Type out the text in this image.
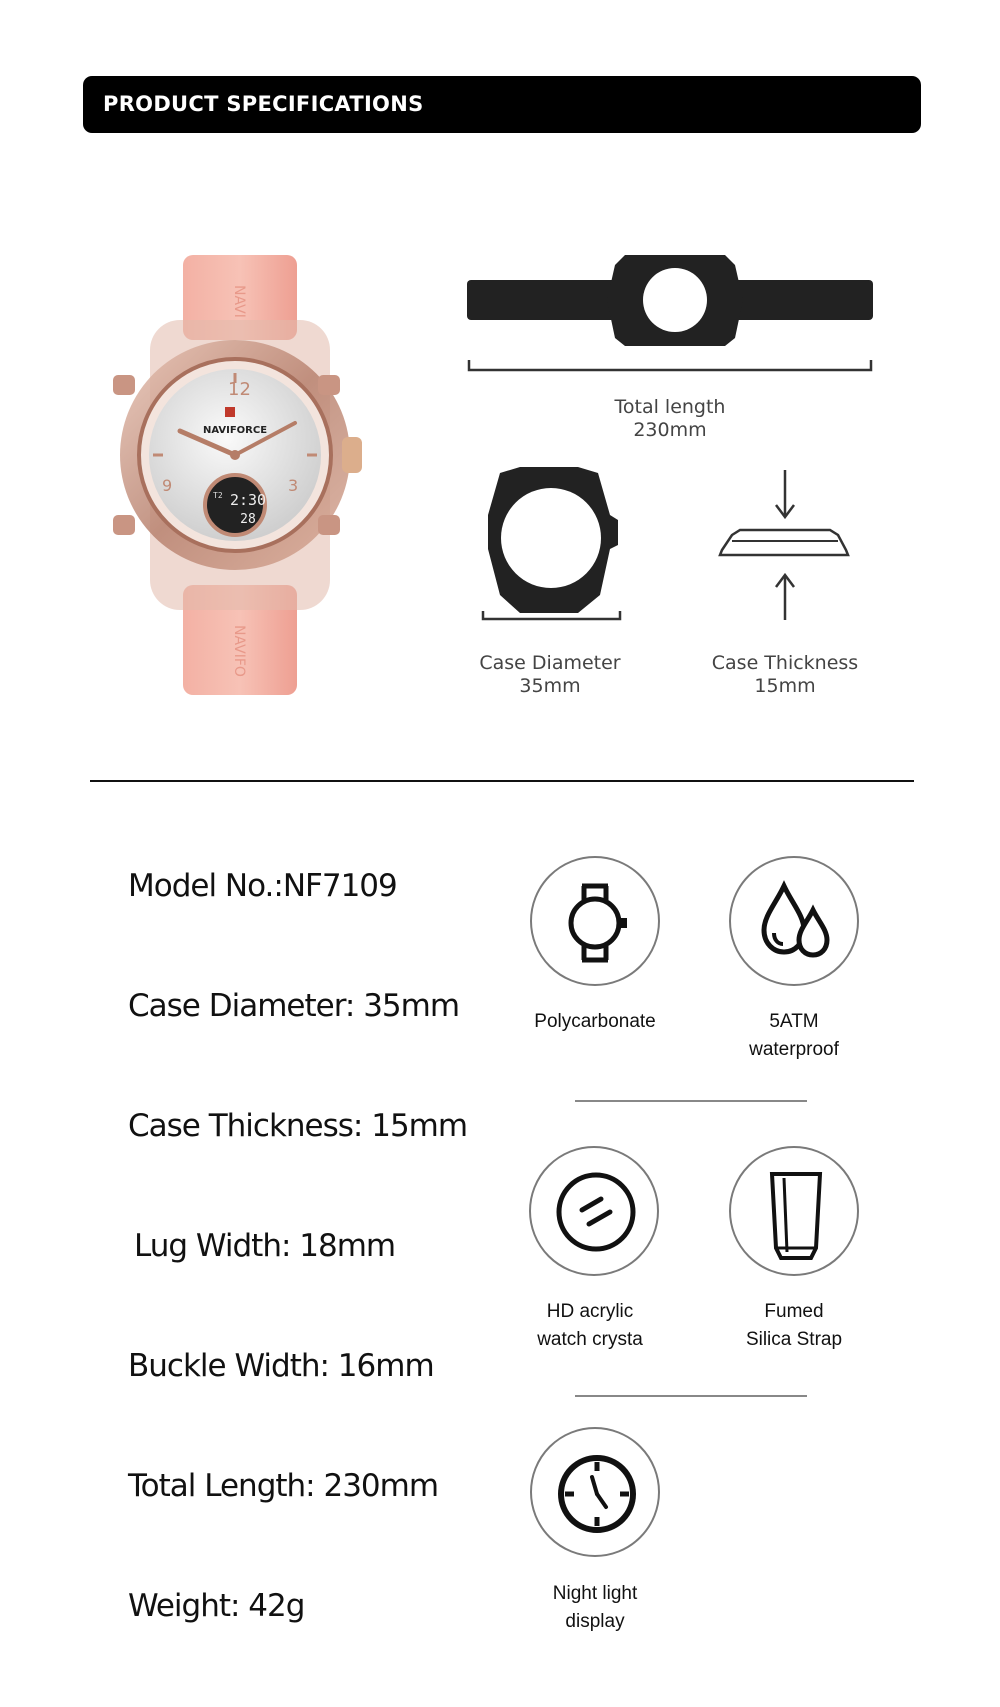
PRODUCT SPECIFICATIONS
NAVI
NAVIFO
12
9	3
NAVIFORCE
T2 2:30
28
Total length
230mm
Case Diameter
35mm
Case Thickness
15mm
Model No.:NF7109
Case Diameter: 35mm
Case Thickness: 15mm
Lug Width: 18mm
Buckle Width: 16mm
Total Length: 230mm
Weight: 42g
Polycarbonate	5ATM
waterproof
HD acrylic
watch crysta
Fumed
Silica Strap
Night light
display
